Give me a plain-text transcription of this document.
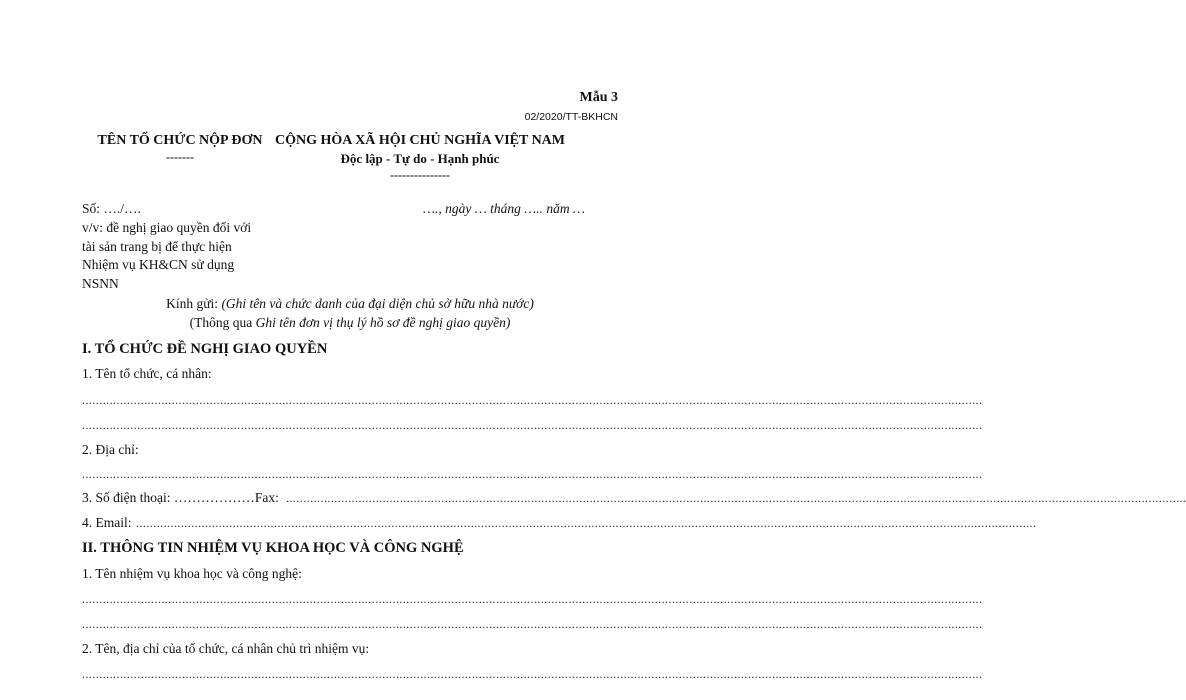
Mẫu 3
02/2020/TT-BKHCN
TÊN TỔ CHỨC NỘP ĐƠN
-------
CỘNG HÒA XÃ HỘI CHỦ NGHĨA VIỆT NAM
Độc lập - Tự do - Hạnh phúc
---------------
Số: …./….	…., ngày … tháng ….. năm …
v/v: đề nghị giao quyền đối với
tài sản trang bị để thực hiện
Nhiệm vụ KH&CN sử dụng
NSNN
Kính gửi: (Ghi tên và chức danh của đại diện chủ sở hữu nhà nước)
(Thông qua Ghi tên đơn vị thụ lý hồ sơ đề nghị giao quyền)
I. TỔ CHỨC ĐỀ NGHỊ GIAO QUYỀN
1. Tên tổ chức, cá nhân:
.....................................................................................................................................................................................................................................................................
.....................................................................................................................................................................................................................................................................
2. Địa chỉ:
.....................................................................................................................................................................................................................................................................
3. Số điện thoại: ………………Fax: .....................................................................................................................................................................................................................................................................
4. Email: .....................................................................................................................................................................................................................................................................
II. THÔNG TIN NHIỆM VỤ KHOA HỌC VÀ CÔNG NGHỆ
1. Tên nhiệm vụ khoa học và công nghệ:
.....................................................................................................................................................................................................................................................................
.....................................................................................................................................................................................................................................................................
2. Tên, địa chỉ của tổ chức, cá nhân chủ trì nhiệm vụ:
.....................................................................................................................................................................................................................................................................
